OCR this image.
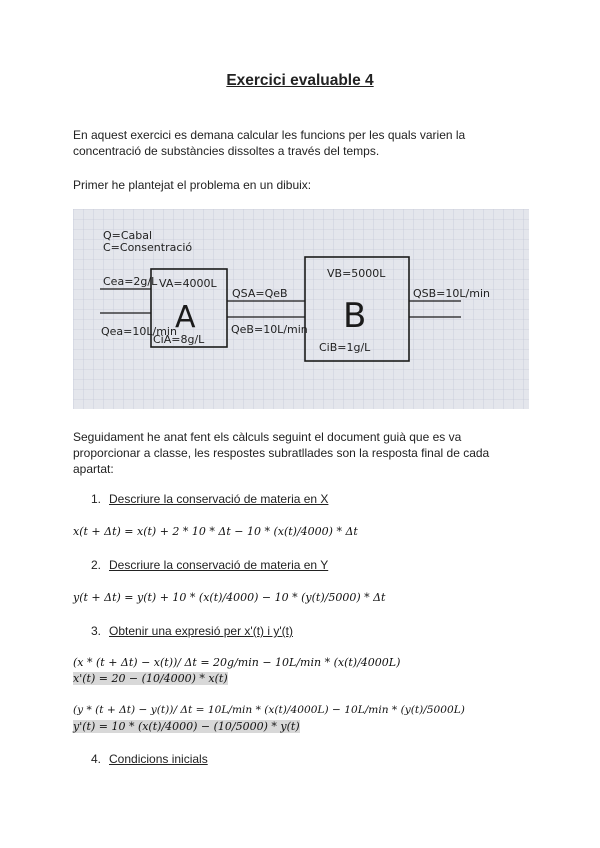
Exercici evaluable 4
En aquest exercici es demana calcular les funcions per les quals varien la concentració de substàncies dissoltes a través del temps.
Primer he plantejat el problema en un dibuix:
Q=Cabal
C=Consentració
Cea=2g/L
Qea=10L/min
VA=4000L
A
CiA=8g/L
QSA=QeB
QeB=10L/min
VB=5000L
B
CiB=1g/L
QSB=10L/min
Seguidament he anat fent els càlculs seguint el document guià que es va proporcionar a classe, les respostes subratllades son la resposta final de cada apartat:
1. Descriure la conservació de materia en X
x(t + Δt) = x(t) + 2 * 10 * Δt − 10 * (x(t)/4000) * Δt
2. Descriure la conservació de materia en Y
y(t + Δt) = y(t) + 10 * (x(t)/4000) − 10 * (y(t)/5000) * Δt
3. Obtenir una expresió per x'(t) i y'(t)
(x * (t + Δt) − x(t))/ Δt = 20g/min − 10L/min * (x(t)/4000L)
x'(t) = 20 − (10/4000) * x(t)
(y * (t + Δt) − y(t))/ Δt = 10L/min * (x(t)/4000L) − 10L/min * (y(t)/5000L)
y'(t) = 10 * (x(t)/4000) − (10/5000) * y(t)
4. Condicions inicials
